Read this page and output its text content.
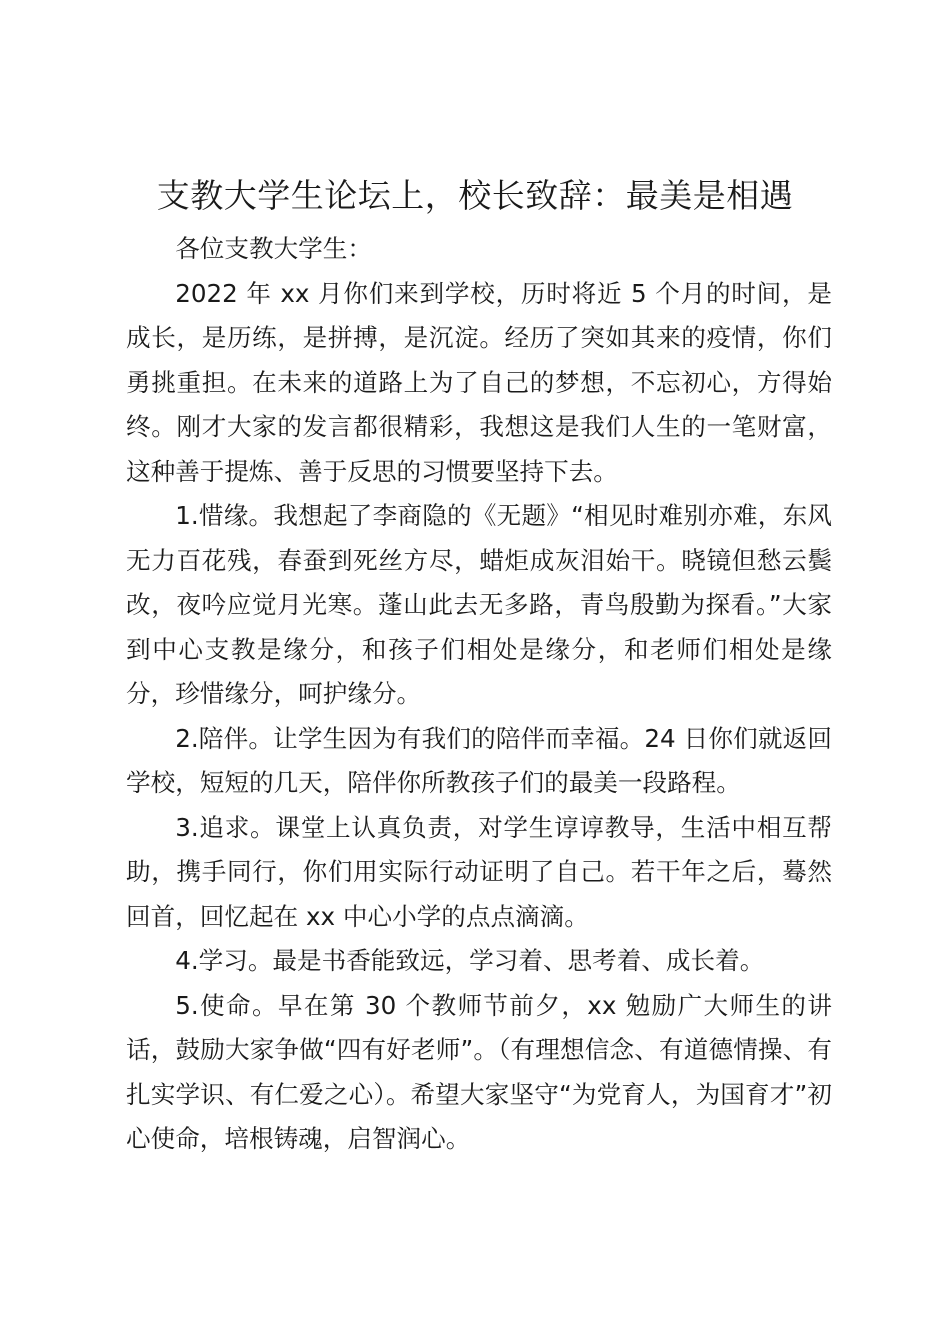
支教大学生论坛上，校长致辞：最美是相遇

各位支教大学生：

2022 年 xx 月你们来到学校，历时将近 5 个月的时间，是成长，是历练，是拼搏，是沉淀。经历了突如其来的疫情，你们勇挑重担。在未来的道路上为了自己的梦想，不忘初心，方得始终。刚才大家的发言都很精彩，我想这是我们人生的一笔财富，这种善于提炼、善于反思的习惯要坚持下去。

1.惜缘。我想起了李商隐的《无题》“相见时难别亦难，东风无力百花残，春蚕到死丝方尽，蜡炬成灰泪始干。晓镜但愁云鬓改，夜吟应觉月光寒。蓬山此去无多路，青鸟殷勤为探看。”大家到中心支教是缘分，和孩子们相处是缘分，和老师们相处是缘分，珍惜缘分，呵护缘分。

2.陪伴。让学生因为有我们的陪伴而幸福。24 日你们就返回学校，短短的几天，陪伴你所教孩子们的最美一段路程。

3.追求。课堂上认真负责，对学生谆谆教导，生活中相互帮助，携手同行，你们用实际行动证明了自己。若干年之后，蓦然回首，回忆起在 xx 中心小学的点点滴滴。

4.学习。最是书香能致远，学习着、思考着、成长着。

5.使命。早在第 30 个教师节前夕，xx 勉励广大师生的讲话，鼓励大家争做“四有好老师”。（有理想信念、有道德情操、有扎实学识、有仁爱之心）。希望大家坚守“为党育人，为国育才”初心使命，培根铸魂，启智润心。
